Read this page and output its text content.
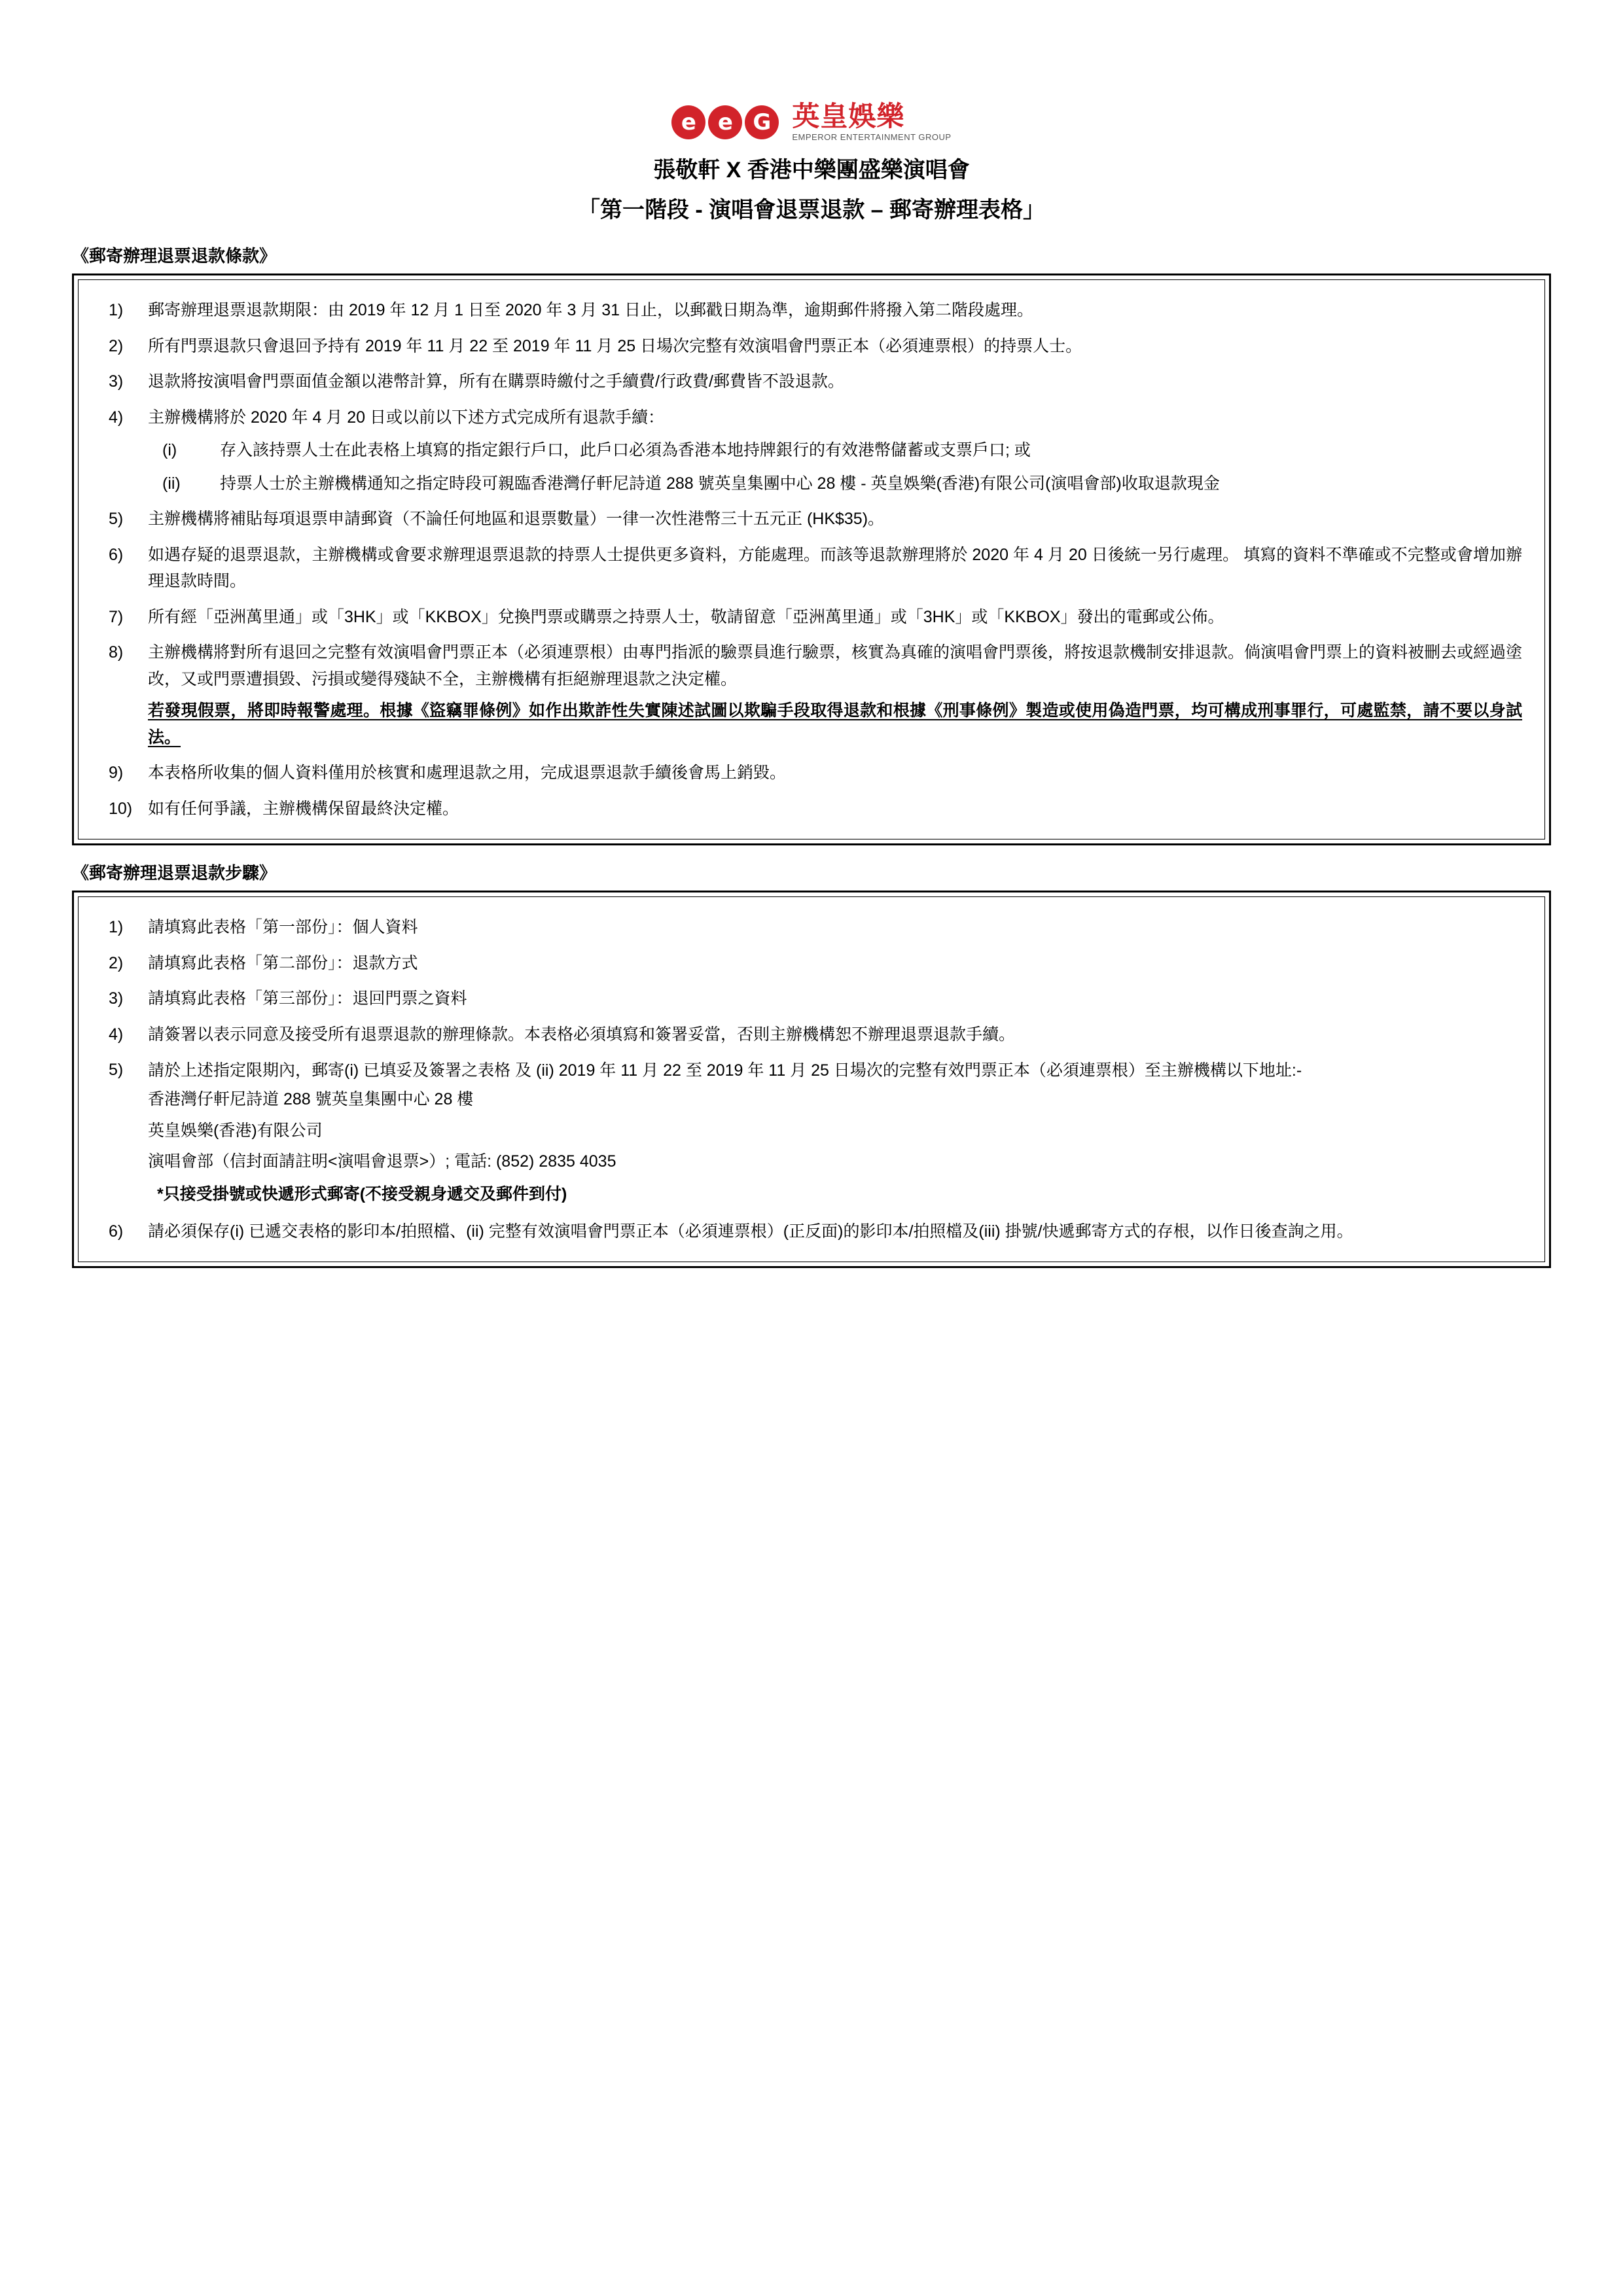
e e G 英皇娛樂
EMPEROR ENTERTAINMENT GROUP
張敬軒 X 香港中樂團盛樂演唱會
「第一階段 - 演唱會退票退款 – 郵寄辦理表格」
《郵寄辦理退票退款條款》
1)	郵寄辦理退票退款期限：由 2019 年 12 月 1 日至 2020 年 3 月 31 日止，以郵戳日期為準，逾期郵件將撥入第二階段處理。
2)	所有門票退款只會退回予持有 2019 年 11 月 22 至 2019 年 11 月 25 日場次完整有效演唱會門票正本（必須連票根）的持票人士。
3)	退款將按演唱會門票面值金額以港幣計算，所有在購票時繳付之手續費/行政費/郵費皆不設退款。
4)	主辦機構將於 2020 年 4 月 20 日或以前以下述方式完成所有退款手續：
(i)	存入該持票人士在此表格上填寫的指定銀行戶口，此戶口必須為香港本地持牌銀行的有效港幣儲蓄或支票戶口; 或
(ii)	持票人士於主辦機構通知之指定時段可親臨香港灣仔軒尼詩道 288 號英皇集團中心 28 樓 - 英皇娛樂(香港)有限公司(演唱會部)收取退款現金
5)	主辦機構將補貼每項退票申請郵資（不論任何地區和退票數量）一律一次性港幣三十五元正 (HK$35)。
6)	如遇存疑的退票退款，主辦機構或會要求辦理退票退款的持票人士提供更多資料，方能處理。而該等退款辦理將於 2020 年 4 月 20 日後統一另行處理。 填寫的資料不準確或不完整或會增加辦理退款時間。
7)	所有經「亞洲萬里通」或「3HK」或「KKBOX」兌換門票或購票之持票人士，敬請留意「亞洲萬里通」或「3HK」或「KKBOX」發出的電郵或公佈。
8)	主辦機構將對所有退回之完整有效演唱會門票正本（必須連票根）由專門指派的驗票員進行驗票，核實為真確的演唱會門票後，將按退款機制安排退款。倘演唱會門票上的資料被刪去或經過塗改，又或門票遭損毀、污損或變得殘缺不全，主辦機構有拒絕辦理退款之決定權。
若發現假票，將即時報警處理。根據《盜竊罪條例》如作出欺詐性失實陳述試圖以欺騙手段取得退款和根據《刑事條例》製造或使用偽造門票，均可構成刑事罪行，可處監禁，請不要以身試法。
9)	本表格所收集的個人資料僅用於核實和處理退款之用，完成退票退款手續後會馬上銷毀。
10) 如有任何爭議，主辦機構保留最終決定權。
《郵寄辦理退票退款步驟》
1)	請填寫此表格「第一部份」：個人資料
2)	請填寫此表格「第二部份」：退款方式
3)	請填寫此表格「第三部份」：退回門票之資料
4)	請簽署以表示同意及接受所有退票退款的辦理條款。本表格必須填寫和簽署妥當，否則主辦機構恕不辦理退票退款手續。
5)	請於上述指定限期內，郵寄(i) 已填妥及簽署之表格 及 (ii) 2019 年 11 月 22 至 2019 年 11 月 25 日場次的完整有效門票正本（必須連票根）至主辦機構以下地址:-
香港灣仔軒尼詩道 288 號英皇集團中心 28 樓
英皇娛樂(香港)有限公司
演唱會部（信封面請註明<演唱會退票>）; 電話: (852) 2835 4035
*只接受掛號或快遞形式郵寄(不接受親身遞交及郵件到付)
6)	請必須保存(i) 已遞交表格的影印本/拍照檔、(ii) 完整有效演唱會門票正本（必須連票根）(正反面)的影印本/拍照檔及(iii) 掛號/快遞郵寄方式的存根，以作日後查詢之用。
